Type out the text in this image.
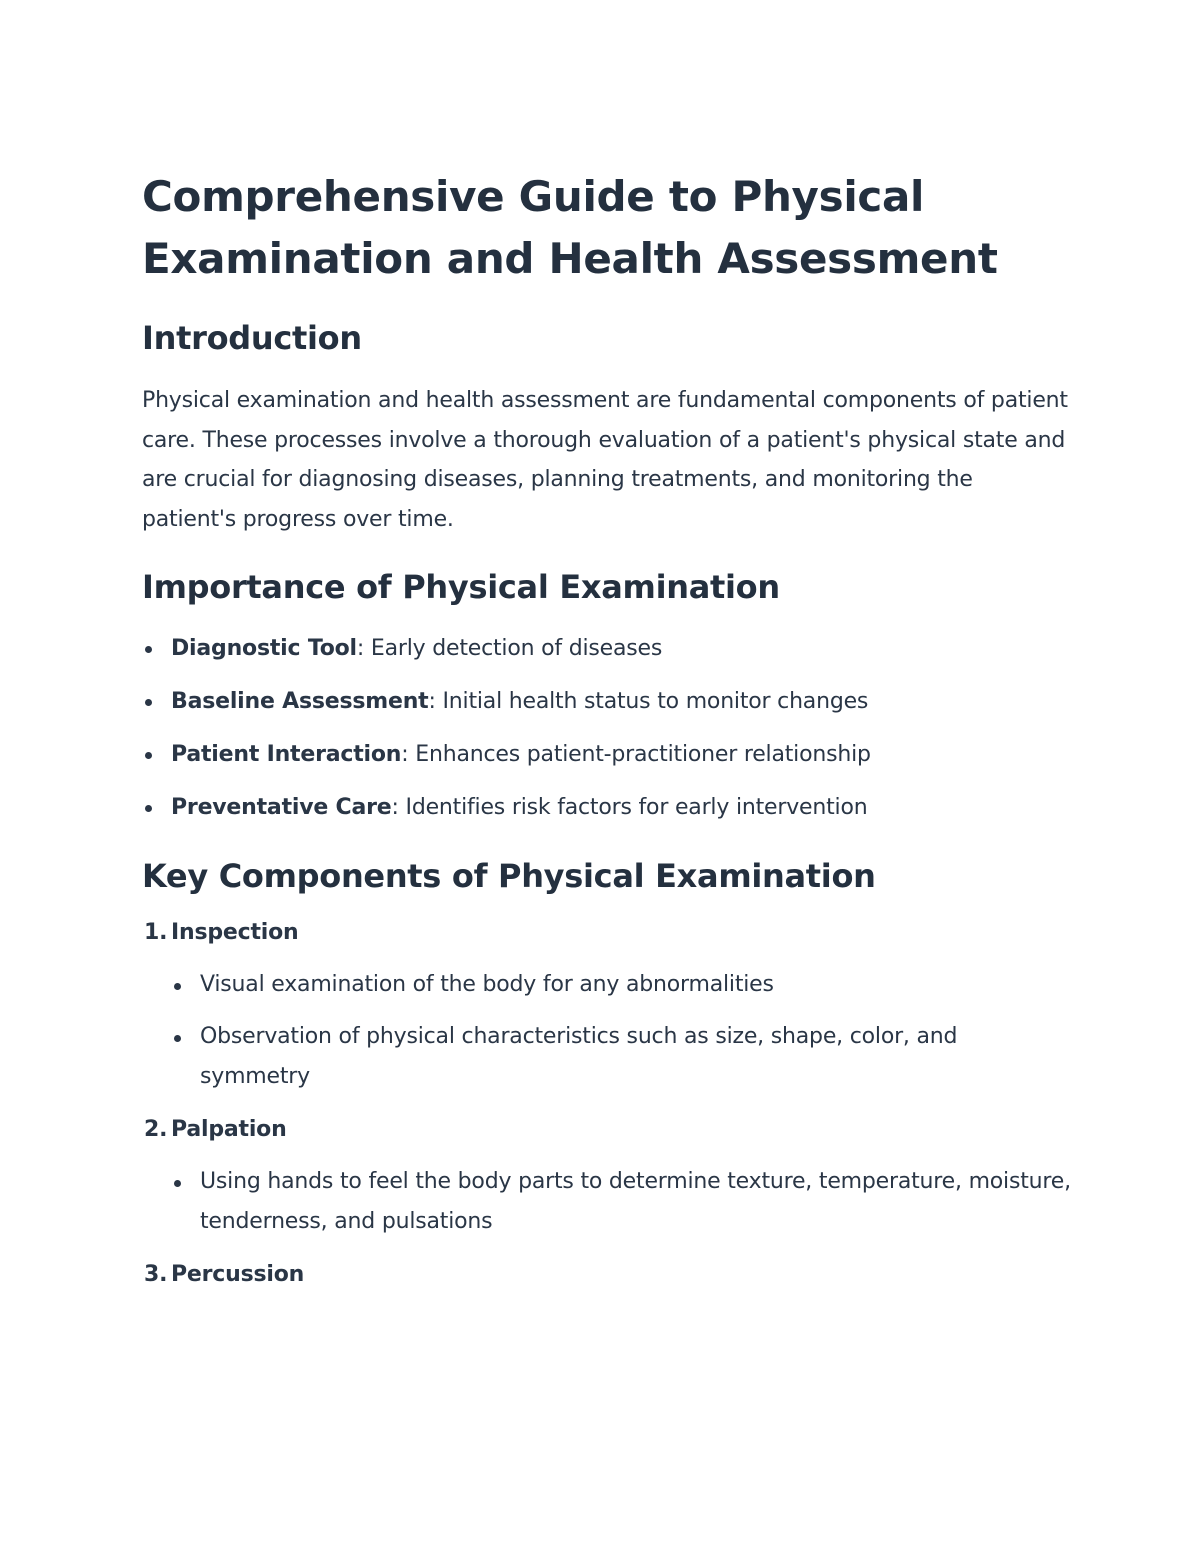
Comprehensive Guide to Physical Examination and Health Assessment
Introduction

Physical examination and health assessment are fundamental components of patient care. These processes involve a thorough evaluation of a patient's physical state and are crucial for diagnosing diseases, planning treatments, and monitoring the patient's progress over time.

Importance of Physical Examination
Diagnostic Tool: Early detection of diseases
Baseline Assessment: Initial health status to monitor changes
Patient Interaction: Enhances patient-practitioner relationship
Preventative Care: Identifies risk factors for early intervention
Key Components of Physical Examination
1. Inspection
Visual examination of the body for any abnormalities
Observation of physical characteristics such as size, shape, color, and symmetry
2. Palpation
Using hands to feel the body parts to determine texture, temperature, moisture, tenderness, and pulsations
3. Percussion
